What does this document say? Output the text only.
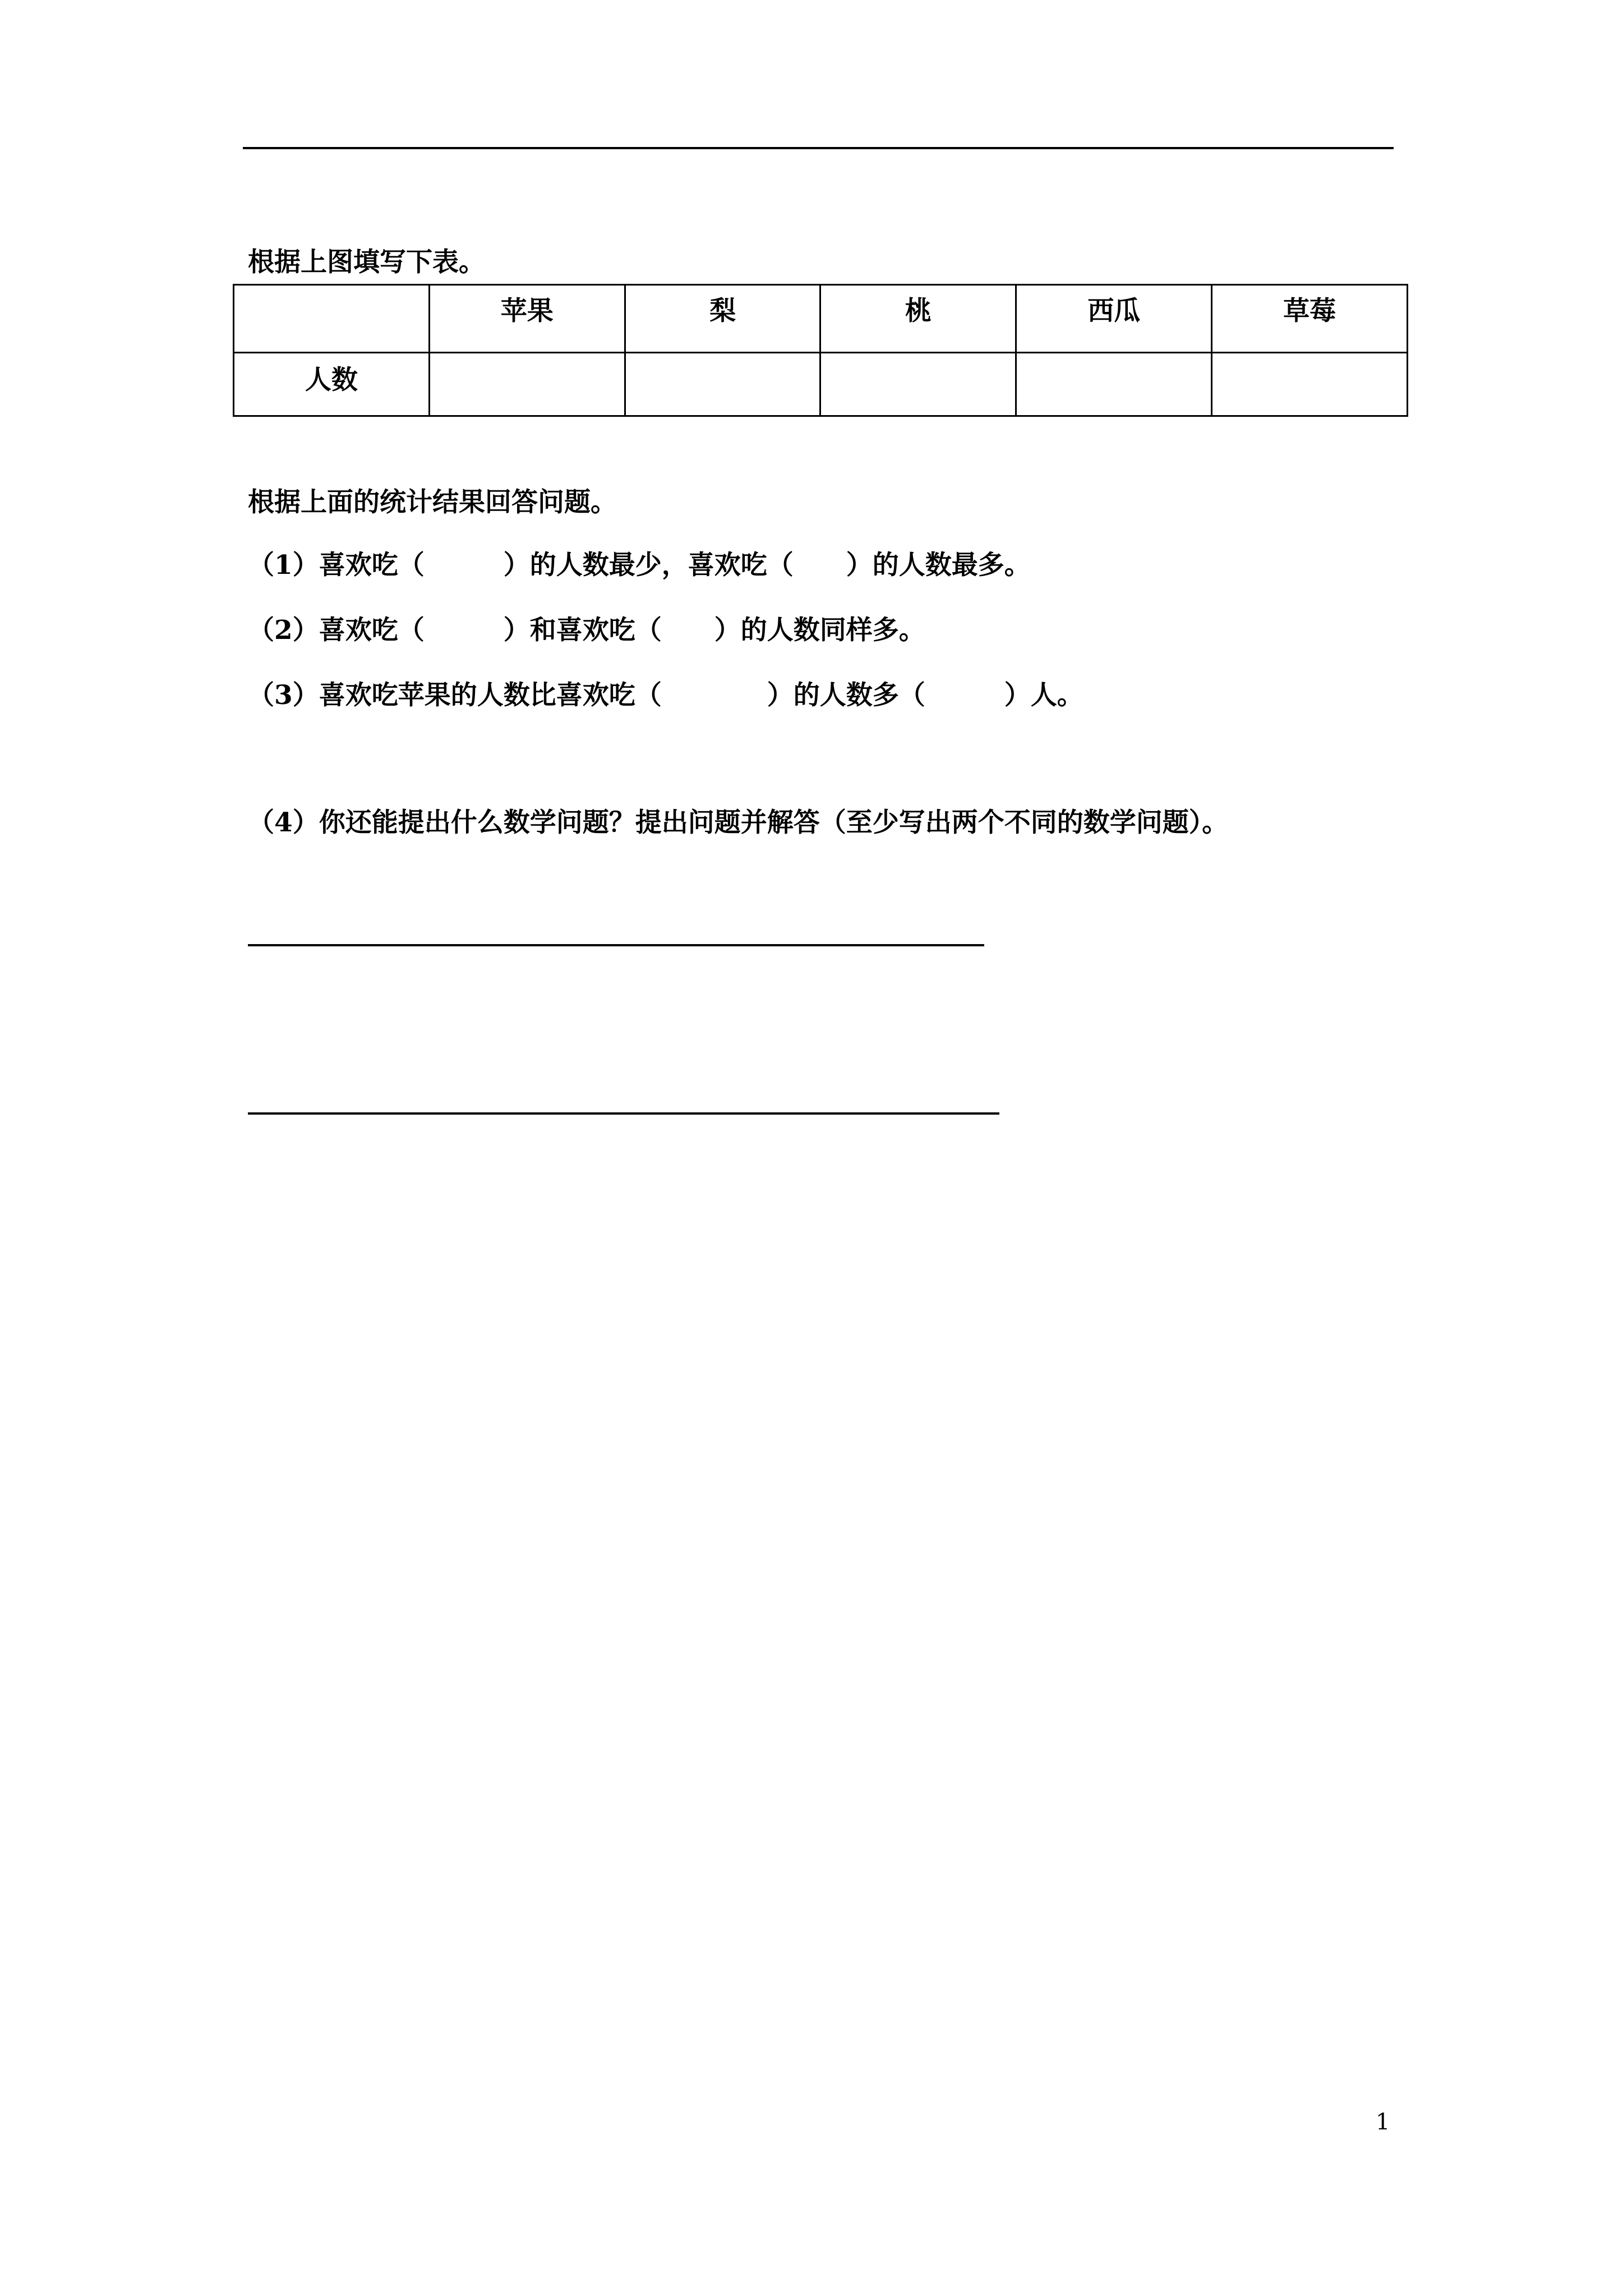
根据上图填写下表。
	苹果	梨	桃	西瓜	草莓
人数					
根据上面的统计结果回答问题。
（1）喜欢吃（　　　）的人数最少，喜欢吃（　　）的人数最多。
（2）喜欢吃（　　　）和喜欢吃（　　）的人数同样多。
（3）喜欢吃苹果的人数比喜欢吃（　　　　）的人数多（　　　）人。
（4）你还能提出什么数学问题？提出问题并解答（至少写出两个不同的数学问题）。
1
